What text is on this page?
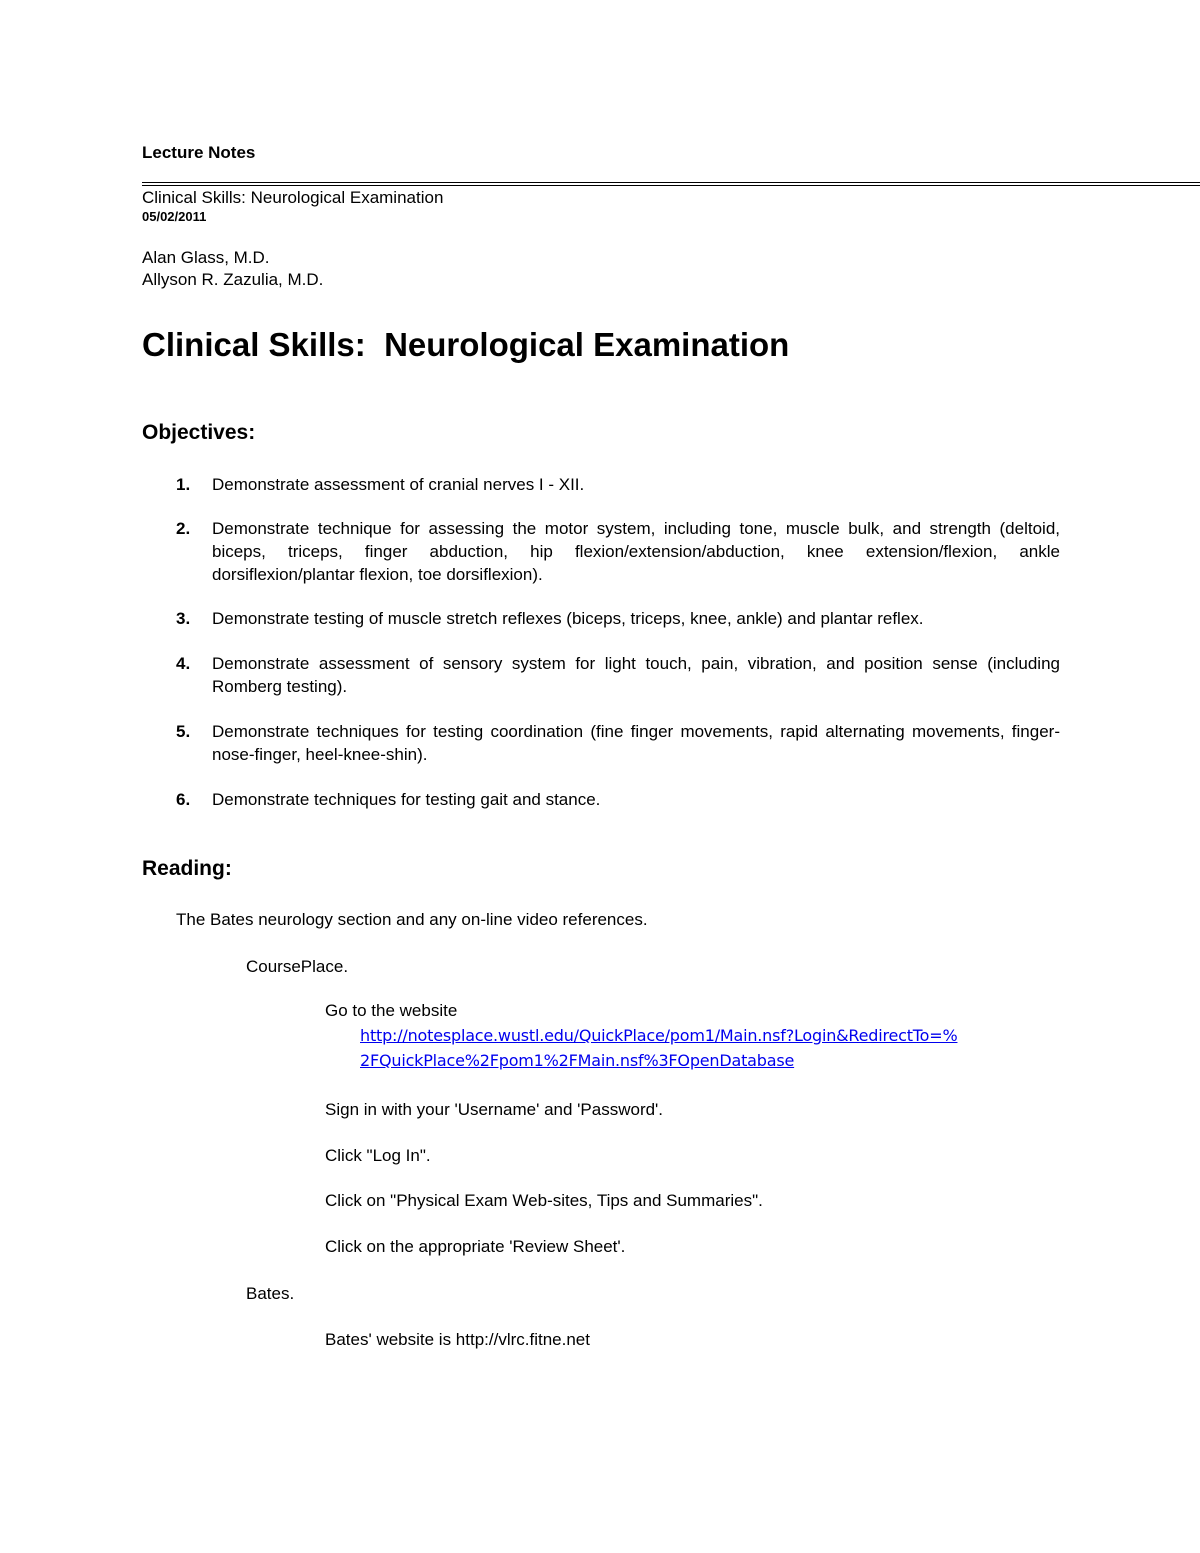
Lecture Notes
Clinical Skills: Neurological Examination
05/02/2011
Alan Glass, M.D.
Allyson R. Zazulia, M.D.
Clinical Skills:  Neurological Examination
Objectives:
1. Demonstrate assessment of cranial nerves I - XII.
2. Demonstrate technique for assessing the motor system, including tone, muscle bulk, and strength (deltoid, biceps, triceps, finger abduction, hip flexion/extension/abduction, knee extension/flexion, ankle dorsiflexion/plantar flexion, toe dorsiflexion).
3. Demonstrate testing of muscle stretch reflexes (biceps, triceps, knee, ankle) and plantar reflex.
4. Demonstrate assessment of sensory system for light touch, pain, vibration, and position sense (including Romberg testing).
5. Demonstrate techniques for testing coordination (fine finger movements, rapid alternating movements, finger-nose-finger, heel-knee-shin).
6. Demonstrate techniques for testing gait and stance.
Reading:
The Bates neurology section and any on-line video references.
CoursePlace.
Go to the website
http://notesplace.wustl.edu/QuickPlace/pom1/Main.nsf?Login&RedirectTo=%
2FQuickPlace%2Fpom1%2FMain.nsf%3FOpenDatabase
Sign in with your 'Username' and 'Password'.
Click "Log In".
Click on "Physical Exam Web-sites, Tips and Summaries".
Click on the appropriate 'Review Sheet'.
Bates.
Bates' website is http://vlrc.fitne.net
